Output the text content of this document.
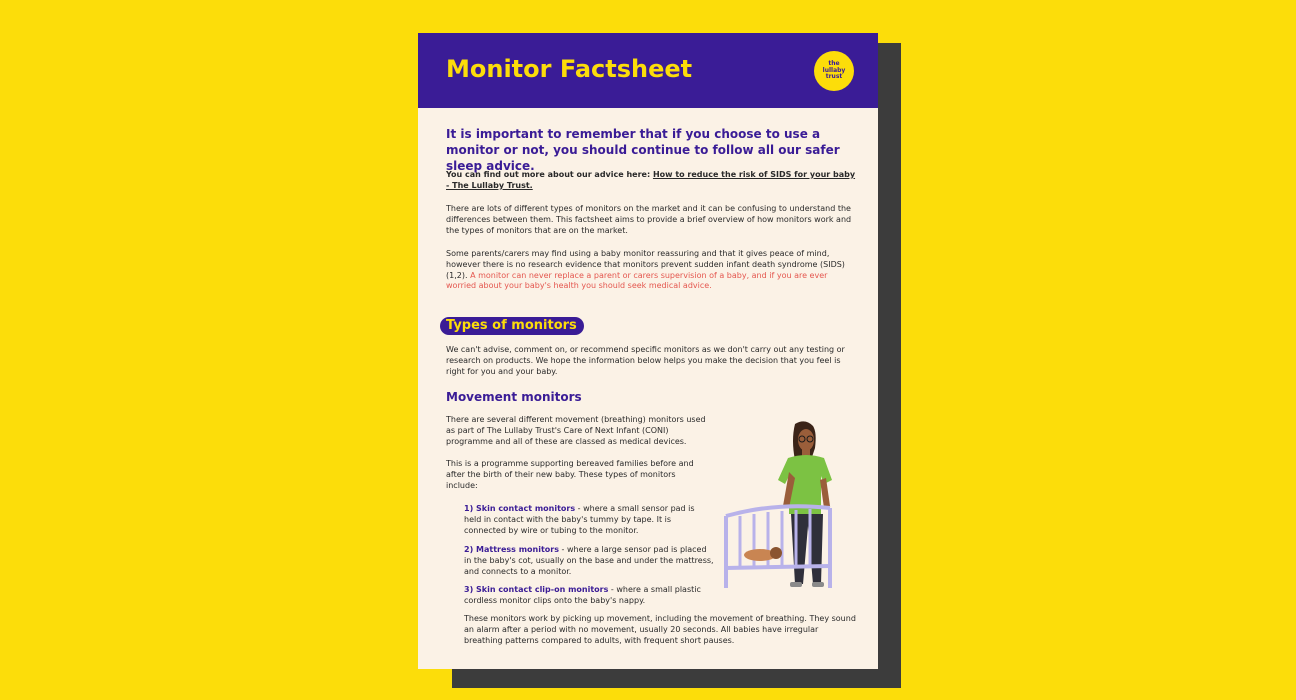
Monitor Factsheet	the
lullaby
trust

It is important to remember that if you choose to use a monitor or not, you should continue to follow all our safer sleep advice.

You can find out more about our advice here: How to reduce the risk of SIDS for your baby - The Lullaby Trust.

There are lots of different types of monitors on the market and it can be confusing to understand the differences between them. This factsheet aims to provide a brief overview of how monitors work and the types of monitors that are on the market.

Some parents/carers may find using a baby monitor reassuring and that it gives peace of mind, however there is no research evidence that monitors prevent sudden infant death syndrome (SIDS) (1,2). A monitor can never replace a parent or carers supervision of a baby, and if you are ever worried about your baby's health you should seek medical advice.

Types of monitors

We can't advise, comment on, or recommend specific monitors as we don't carry out any testing or research on products. We hope the information below helps you make the decision that you feel is right for you and your baby.

Movement monitors

There are several different movement (breathing) monitors used as part of The Lullaby Trust's Care of Next Infant (CONI) programme and all of these are classed as medical devices.

This is a programme supporting bereaved families before and after the birth of their new baby. These types of monitors include:

1) Skin contact monitors - where a small sensor pad is held in contact with the baby's tummy by tape. It is connected by wire or tubing to the monitor.

2) Mattress monitors - where a large sensor pad is placed in the baby's cot, usually on the base and under the mattress, and connects to a monitor.

3) Skin contact clip-on monitors - where a small plastic cordless monitor clips onto the baby's nappy.

These monitors work by picking up movement, including the movement of breathing. They sound an alarm after a period with no movement, usually 20 seconds. All babies have irregular breathing patterns compared to adults, with frequent short pauses.
